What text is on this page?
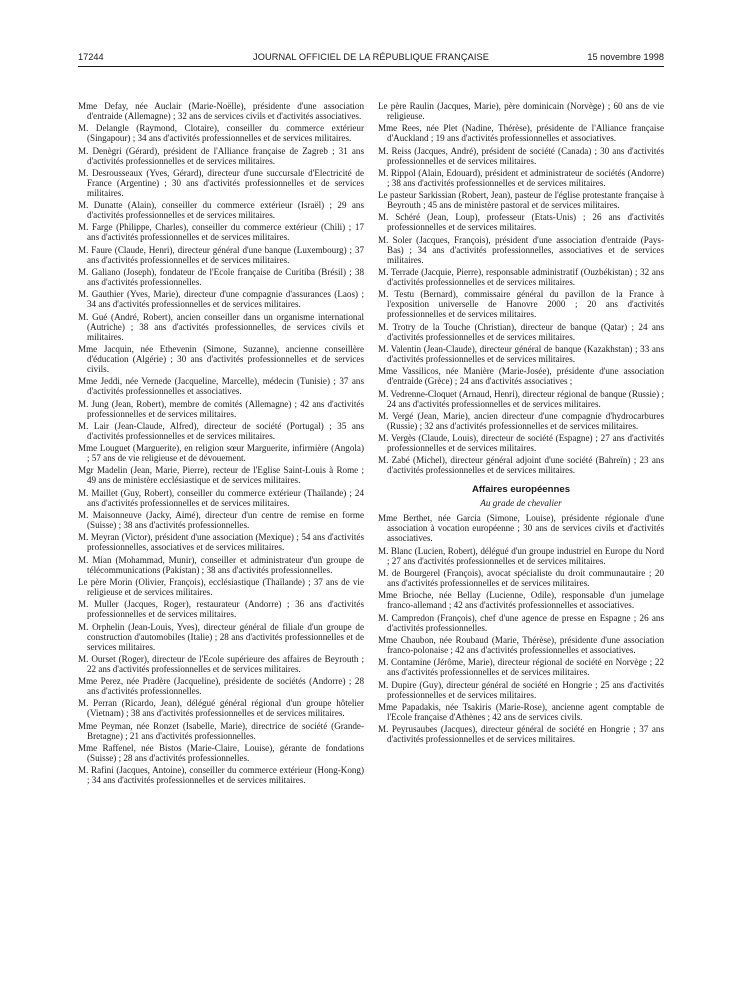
17244	JOURNAL OFFICIEL DE LA RÉPUBLIQUE FRANÇAISE	15 novembre 1998

Mme Defay, née Auclair (Marie-Noëlle), présidente d'une association d'entraide (Allemagne) ; 32 ans de services civils et d'activités associatives.

M. Delangle (Raymond, Clotaire), conseiller du commerce extérieur (Singapour) ; 34 ans d'activités professionnelles et de services militaires.

M. Denègri (Gérard), président de l'Alliance française de Zagreb ; 31 ans d'activités professionnelles et de services militaires.

M. Desrousseaux (Yves, Gérard), directeur d'une succursale d'Electricité de France (Argentine) ; 30 ans d'activités professionnelles et de services militaires.

M. Dunatte (Alain), conseiller du commerce extérieur (Israël) ; 29 ans d'activités professionnelles et de services militaires.

M. Farge (Philippe, Charles), conseiller du commerce extérieur (Chili) ; 17 ans d'activités professionnelles et de services militaires.

M. Faure (Claude, Henri), directeur général d'une banque (Luxembourg) ; 37 ans d'activités professionnelles et de services militaires.

M. Galiano (Joseph), fondateur de l'Ecole française de Curitiba (Brésil) ; 38 ans d'activités professionnelles.

M. Gauthier (Yves, Marie), directeur d'une compagnie d'assurances (Laos) ; 34 ans d'activités professionnelles et de services militaires.

M. Gué (André, Robert), ancien conseiller dans un organisme international (Autriche) ; 38 ans d'activités professionnelles, de services civils et militaires.

Mme Jacquin, née Ethevenin (Simone, Suzanne), ancienne conseillère d'éducation (Algérie) ; 30 ans d'activités professionnelles et de services civils.

Mme Jeddi, née Vernede (Jacqueline, Marcelle), médecin (Tunisie) ; 37 ans d'activités professionnelles et associatives.

M. Jung (Jean, Robert), membre de comités (Allemagne) ; 42 ans d'activités professionnelles et de services militaires.

M. Lair (Jean-Claude, Alfred), directeur de société (Portugal) ; 35 ans d'activités professionnelles et de services militaires.

Mme Louguet (Marguerite), en religion sœur Marguerite, infirmière (Angola) ; 57 ans de vie religieuse et de dévouement.

Mgr Madelin (Jean, Marie, Pierre), recteur de l'Eglise Saint-Louis à Rome ; 49 ans de ministère ecclésiastique et de services militaires.

M. Maillet (Guy, Robert), conseiller du commerce extérieur (Thaïlande) ; 24 ans d'activités professionnelles et de services militaires.

M. Maisonneuve (Jacky, Aimé), directeur d'un centre de remise en forme (Suisse) ; 38 ans d'activités professionnelles.

M. Meyran (Victor), président d'une association (Mexique) ; 54 ans d'activités professionnelles, associatives et de services militaires.

M. Mian (Mohammad, Munir), conseiller et administrateur d'un groupe de télécommunications (Pakistan) ; 38 ans d'activités professionnelles.

Le père Morin (Olivier, François), ecclésiastique (Thaïlande) ; 37 ans de vie religieuse et de services militaires.

M. Muller (Jacques, Roger), restaurateur (Andorre) ; 36 ans d'activités professionnelles et de services militaires.

M. Orphelin (Jean-Louis, Yves), directeur général de filiale d'un groupe de construction d'automobiles (Italie) ; 28 ans d'activités professionnelles et de services militaires.

M. Ourset (Roger), directeur de l'Ecole supérieure des affaires de Beyrouth ; 22 ans d'activités professionnelles et de services militaires.

Mme Perez, née Pradère (Jacqueline), présidente de sociétés (Andorre) ; 28 ans d'activités professionnelles.

M. Perran (Ricardo, Jean), délégué général régional d'un groupe hôtelier (Vietnam) ; 38 ans d'activités professionnelles et de services militaires.

Mme Peyman, née Ronzet (Isabelle, Marie), directrice de société (Grande-Bretagne) ; 21 ans d'activités professionnelles.

Mme Raffenel, née Bistos (Marie-Claire, Louise), gérante de fondations (Suisse) ; 28 ans d'activités professionnelles.

M. Rafini (Jacques, Antoine), conseiller du commerce extérieur (Hong-Kong) ; 34 ans d'activités professionnelles et de services militaires.

Le père Raulin (Jacques, Marie), père dominicain (Norvège) ; 60 ans de vie religieuse.

Mme Rees, née Plet (Nadine, Thérèse), présidente de l'Alliance française d'Auckland ; 19 ans d'activités professionnelles et associatives.

M. Reiss (Jacques, André), président de société (Canada) ; 30 ans d'activités professionnelles et de services militaires.

M. Rippol (Alain, Edouard), président et administrateur de sociétés (Andorre) ; 38 ans d'activités professionnelles et de services militaires.

Le pasteur Sarkissian (Robert, Jean), pasteur de l'église protestante française à Beyrouth ; 45 ans de ministère pastoral et de services militaires.

M. Schéré (Jean, Loup), professeur (Etats-Unis) ; 26 ans d'activités professionnelles et de services militaires.

M. Soler (Jacques, François), président d'une association d'entraide (Pays-Bas) ; 34 ans d'activités professionnelles, associatives et de services militaires.

M. Terrade (Jacquie, Pierre), responsable administratif (Ouzbékistan) ; 32 ans d'activités professionnelles et de services militaires.

M. Testu (Bernard), commissaire général du pavillon de la France à l'exposition universelle de Hanovre 2000 ; 20 ans d'activités professionnelles et de services militaires.

M. Trotry de la Touche (Christian), directeur de banque (Qatar) ; 24 ans d'activités professionnelles et de services militaires.

M. Valentin (Jean-Claude), directeur général de banque (Kazakhstan) ; 33 ans d'activités professionnelles et de services militaires.

Mme Vassilicos, née Manière (Marie-Josée), présidente d'une association d'entraide (Grèce) ; 24 ans d'activités associatives ;

M. Vedrenne-Cloquet (Arnaud, Henri), directeur régional de banque (Russie) ; 24 ans d'activités professionnelles et de services militaires.

M. Vergé (Jean, Marie), ancien directeur d'une compagnie d'hydrocarbures (Russie) ; 32 ans d'activités professionnelles et de services militaires.

M. Vergès (Claude, Louis), directeur de société (Espagne) ; 27 ans d'activités professionnelles et de services militaires.

M. Zabé (Michel), directeur général adjoint d'une société (Bahreïn) ; 23 ans d'activités professionnelles et de services militaires.

Affaires européennes
Au grade de chevalier

Mme Berthet, née Garcia (Simone, Louise), présidente régionale d'une association à vocation européenne ; 30 ans de services civils et d'activités associatives.

M. Blanc (Lucien, Robert), délégué d'un groupe industriel en Europe du Nord ; 27 ans d'activités professionnelles et de services militaires.

M. de Bourgerel (François), avocat spécialiste du droit communautaire ; 20 ans d'activités professionnelles et de services militaires.

Mme Brioche, née Bellay (Lucienne, Odile), responsable d'un jumelage franco-allemand ; 42 ans d'activités professionnelles et associatives.

M. Campredon (François), chef d'une agence de presse en Espagne ; 26 ans d'activités professionnelles.

Mme Chaubon, née Roubaud (Marie, Thérèse), présidente d'une association franco-polonaise ; 42 ans d'activités professionnelles et associatives.

M. Contamine (Jérôme, Marie), directeur régional de société en Norvège ; 22 ans d'activités professionnelles et de services militaires.

M. Dupire (Guy), directeur général de société en Hongrie ; 25 ans d'activités professionnelles et de services militaires.

Mme Papadakis, née Tsakiris (Marie-Rose), ancienne agent comptable de l'Ecole française d'Athènes ; 42 ans de services civils.

M. Peyrusaubes (Jacques), directeur général de société en Hongrie ; 37 ans d'activités professionnelles et de services militaires.
